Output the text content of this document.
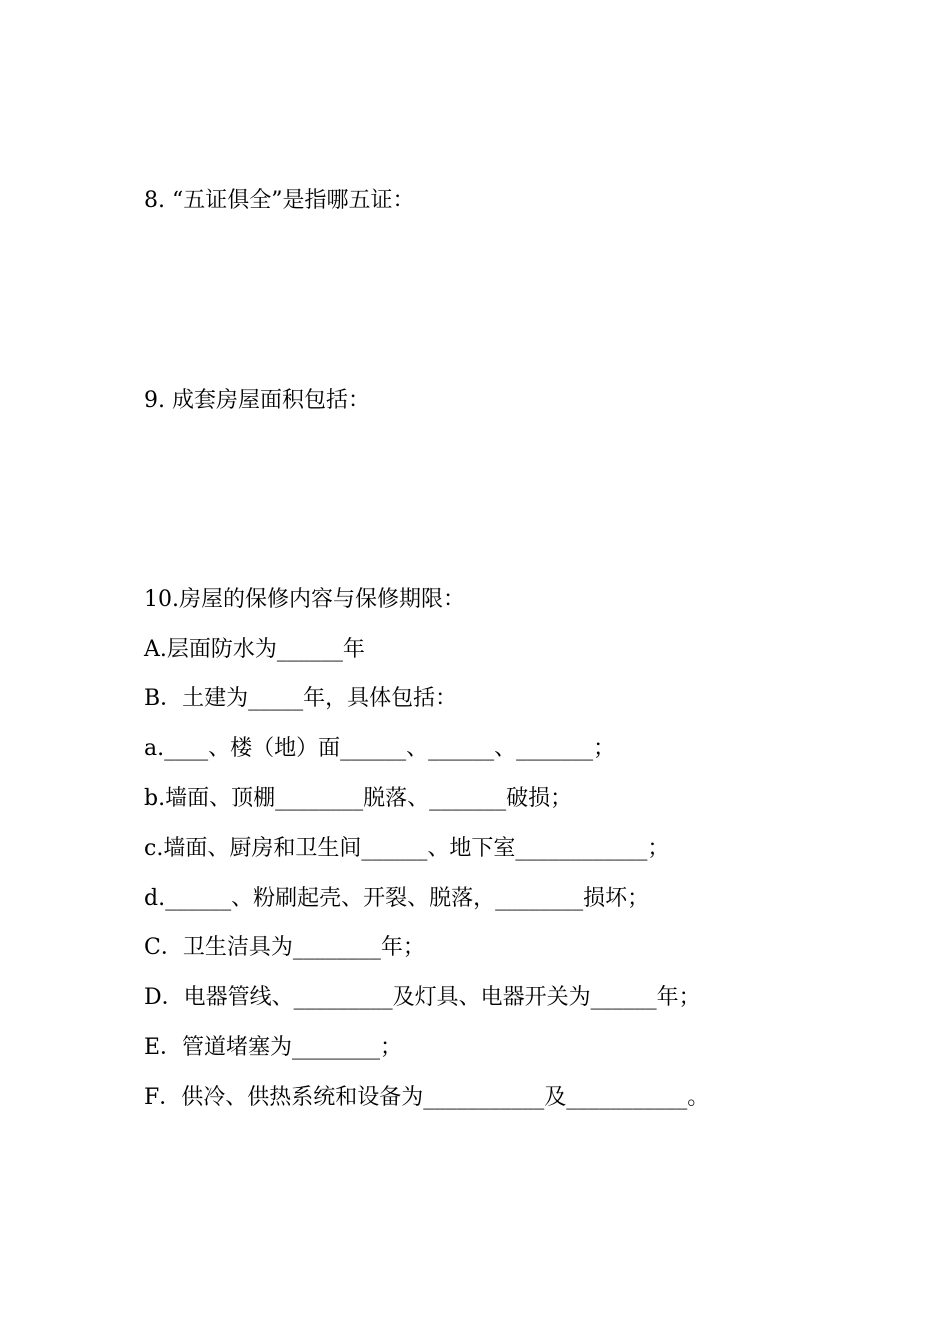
8. “五证俱全”是指哪五证：
9. 成套房屋面积包括：
10.房屋的保修内容与保修期限：
A.层面防水为______年
B．土建为_____年，具体包括：
a.____、楼（地）面______、______、_______；
b.墙面、顶棚________脱落、_______破损；
c.墙面、厨房和卫生间______、地下室____________；
d.______、粉刷起壳、开裂、脱落，________损坏；
C．卫生洁具为________年；
D．电器管线、_________及灯具、电器开关为______年；
E．管道堵塞为________；
F．供冷、供热系统和设备为___________及___________。
